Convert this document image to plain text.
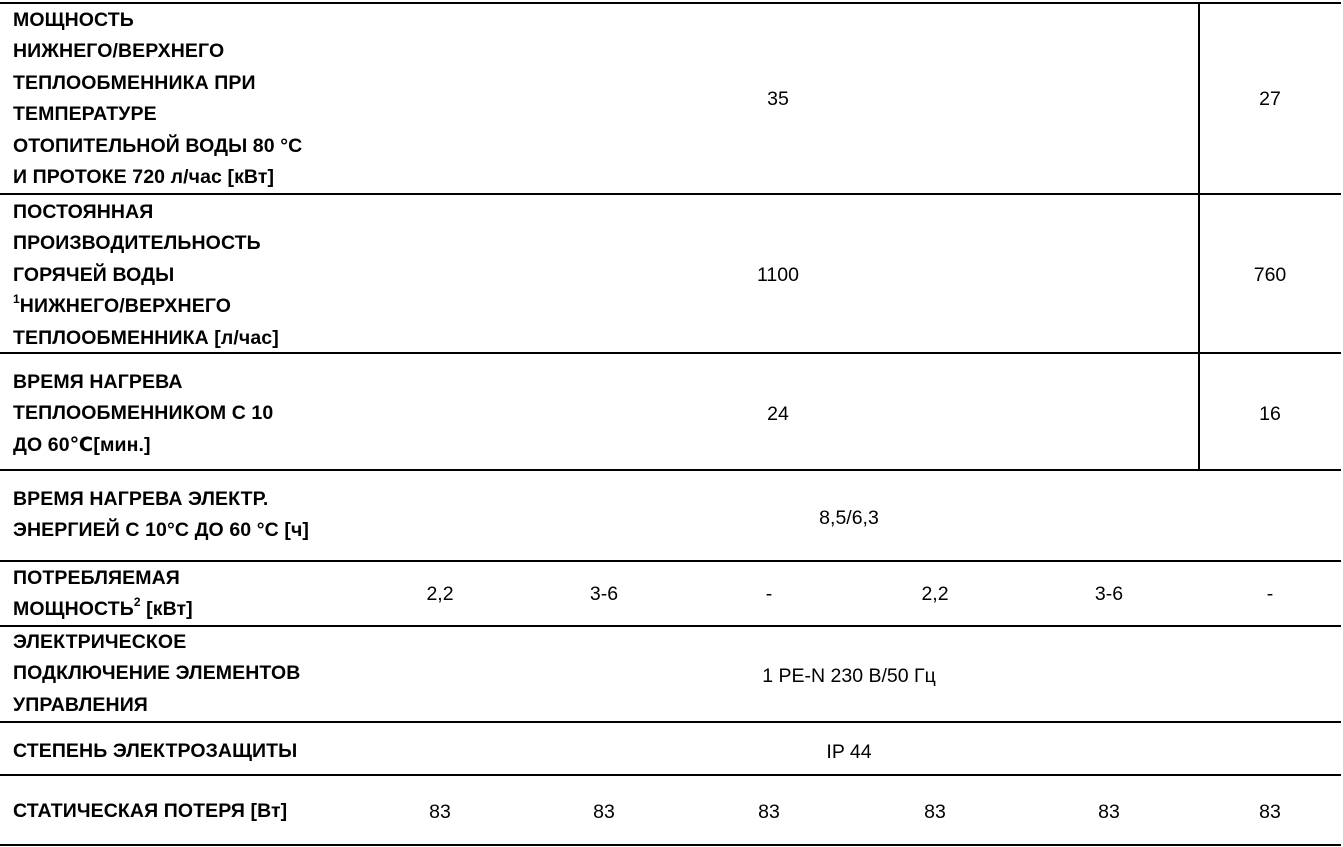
МОЩНОСТЬ
НИЖНЕГО/ВЕРХНЕГО
ТЕПЛООБМЕННИКА ПРИ
ТЕМПЕРАТУРЕ
ОТОПИТЕЛЬНОЙ ВОДЫ 80 °C
И ПРОТОКЕ 720 л/час [кВт]
35	27
ПОСТОЯННАЯ
ПРОИЗВОДИТЕЛЬНОСТЬ
ГОРЯЧЕЙ ВОДЫ
$^1$НИЖНЕГО/ВЕРХНЕГО
ТЕПЛООБМЕННИКА [л/час]
1100	760
ВРЕМЯ НАГРЕВА
ТЕПЛООБМЕННИКОМ С 10
ДО 60℃[мин.]
24	16
ВРЕМЯ НАГРЕВА ЭЛЕКТР.
ЭНЕРГИЕЙ С 10°C ДО 60 °C [ч]
8,5/6,3
ПОТРЕБЛЯЕМАЯ
МОЩНОСТЬ$^2$ [кВт]
2,2	3-6	-	2,2	3-6	-
ЭЛЕКТРИЧЕСКОЕ
ПОДКЛЮЧЕНИЕ ЭЛЕМЕНТОВ
УПРАВЛЕНИЯ
1 PE-N 230 В/50 Гц
СТЕПЕНЬ ЭЛЕКТРОЗАЩИТЫ	IP 44
СТАТИЧЕСКАЯ ПОТЕРЯ [Вт]	83	83	83	83	83	83
